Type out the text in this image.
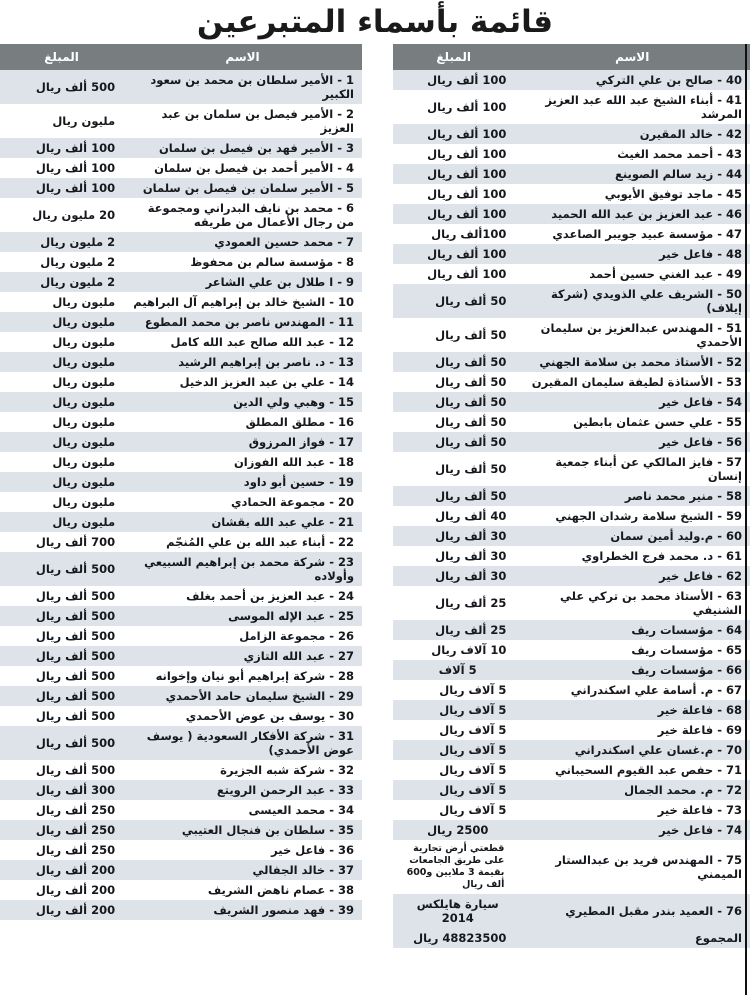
قائمة بأسماء المتبرعين
الاسم	المبلغ
1 - الأمير سلطان بن محمد بن سعود الكبير	500 ألف ريال
2 - الأمير فيصل بن سلمان بن عبد العزيز	مليون ريال
3 - الأمير فهد بن فيصل بن سلمان	100 ألف ريال
4 - الأمير أحمد بن فيصل بن سلمان	100 ألف ريال
5 - الأمير سلمان بن فيصل بن سلمان	100 ألف ريال
6 - محمد بن نايف البدراني ومجموعة من رجال الأعمال من طريقه	20 مليون ريال
7 - محمد حسين العمودي	2 مليون ريال
8 - مؤسسة سالم بن محفوظ	2 مليون ريال
9 - ا طلال بن علي الشاعر	2 مليون ريال
10 - الشيخ خالد بن إبراهيم آل البراهيم	مليون ريال
11 - المهندس ناصر بن محمد المطوع	مليون ريال
12 - عبد الله صالح عبد الله كامل	مليون ريال
13 - د. ناصر بن إبراهيم الرشيد	مليون ريال
14 - علي بن عبد العزيز الدخيل	مليون ريال
15 - وهبي ولي الدين	مليون ريال
16 - مطلق المطلق	مليون ريال
17 - فواز المرزوق	مليون ريال
18 - عبد الله الفوزان	مليون ريال
19 - حسين أبو داود	مليون ريال
20 - مجموعة الحمادي	مليون ريال
21 - علي عبد الله بقشان	مليون ريال
22 - أبناء عبد الله بن علي المُنجّم	700 ألف ريال
23 - شركة محمد بن إبراهيم السبيعي وأولاده	500 ألف ريال
24 - عبد العزيز بن أحمد بغلف	500 ألف ريال
25 - عبد الإله الموسى	500 ألف ريال
26 - مجموعة الزامل	500 ألف ريال
27 - عبد الله التازي	500 ألف ريال
28 - شركة إبراهيم أبو نيان وإخوانه	500 ألف ريال
29 - الشيخ سليمان حامد الأحمدي	500 ألف ريال
30 - يوسف بن عوض الأحمدي	500 ألف ريال
31 - شركة الأفكار السعودية ( يوسف عوض الأحمدي)	500 ألف ريال
32 - شركة شبه الجزيرة	500 ألف ريال
33 - عبد الرحمن الرويتع	300 ألف ريال
34 - محمد العيسى	250 ألف ريال
35 - سلطان بن فنجال العتيبي	250 ألف ريال
36 - فاعل خير	250 ألف ريال
37 - خالد الجفالي	200 ألف ريال
38 - عصام ناهض الشريف	200 ألف ريال
39 - فهد منصور الشريف	200 ألف ريال
الاسم	المبلغ
40 - صالح بن علي التركي	100 ألف ريال
41 - أبناء الشيخ عبد الله عبد العزيز المرشد	100 ألف ريال
42 - خالد المقيرن	100 ألف ريال
43 - أحمد محمد الغيث	100 ألف ريال
44 - زيد سالم الصوينع	100 ألف ريال
45 - ماجد توفيق الأيوبي	100 ألف ريال
46 - عبد العزيز بن عبد الله الحميد	100 ألف ريال
47 - مؤسسة عبيد جويبر الصاعدي	100ألف ريال
48 - فاعل خير	100 ألف ريال
49 - عبد الغني حسين أحمد	100 ألف ريال
50 - الشريف علي الذويدي (شركة إيلاف)	50 ألف ريال
51 - المهندس عبدالعزيز بن سليمان الأحمدي	50 ألف ريال
52 - الأستاذ محمد بن سلامة الجهني	50 ألف ريال
53 - الأستاذة لطيفة سليمان المقيرن	50 ألف ريال
54 - فاعل خير	50 ألف ريال
55 - علي حسن عثمان بابطين	50 ألف ريال
56 - فاعل خير	50 ألف ريال
57 - فايز المالكي عن أبناء جمعية إنسان	50 ألف ريال
58 - منير محمد ناصر	50 ألف ريال
59 - الشيخ سلامة رشدان الجهني	40 ألف ريال
60 - م.وليد أمين سمان	30 ألف ريال
61 - د. محمد فرج الخطراوي	30 ألف ريال
62 - فاعل خير	30 ألف ريال
63 - الأستاذ محمد بن تركي علي الشنيفي	25 ألف ريال
64 - مؤسسات ريف	25 ألف ريال
65 - مؤسسات ريف	10 آلاف ريال
66 - مؤسسات ريف	5 آلاف
67 - م. أسامة علي اسكندراني	5 آلاف ريال
68 - فاعلة خير	5 آلاف ريال
69 - فاعلة خير	5 آلاف ريال
70 - م.غسان علي اسكندراني	5 آلاف ريال
71 - حفص عبد القيوم السحيباني	5 آلاف ريال
72 - م. محمد الجمال	5 آلاف ريال
73 - فاعلة خير	5 آلاف ريال
74 - فاعل خير	2500 ريال
75 - المهندس فريد بن عبدالستار الميمني	قطعتي أرض تجارية على طريق الجامعات بقيمة 3 ملايين و600 ألف ريال
76 - العميد بندر مقبل المطيري	سيارة هايلكس 2014
المجموع	48823500 ريال
